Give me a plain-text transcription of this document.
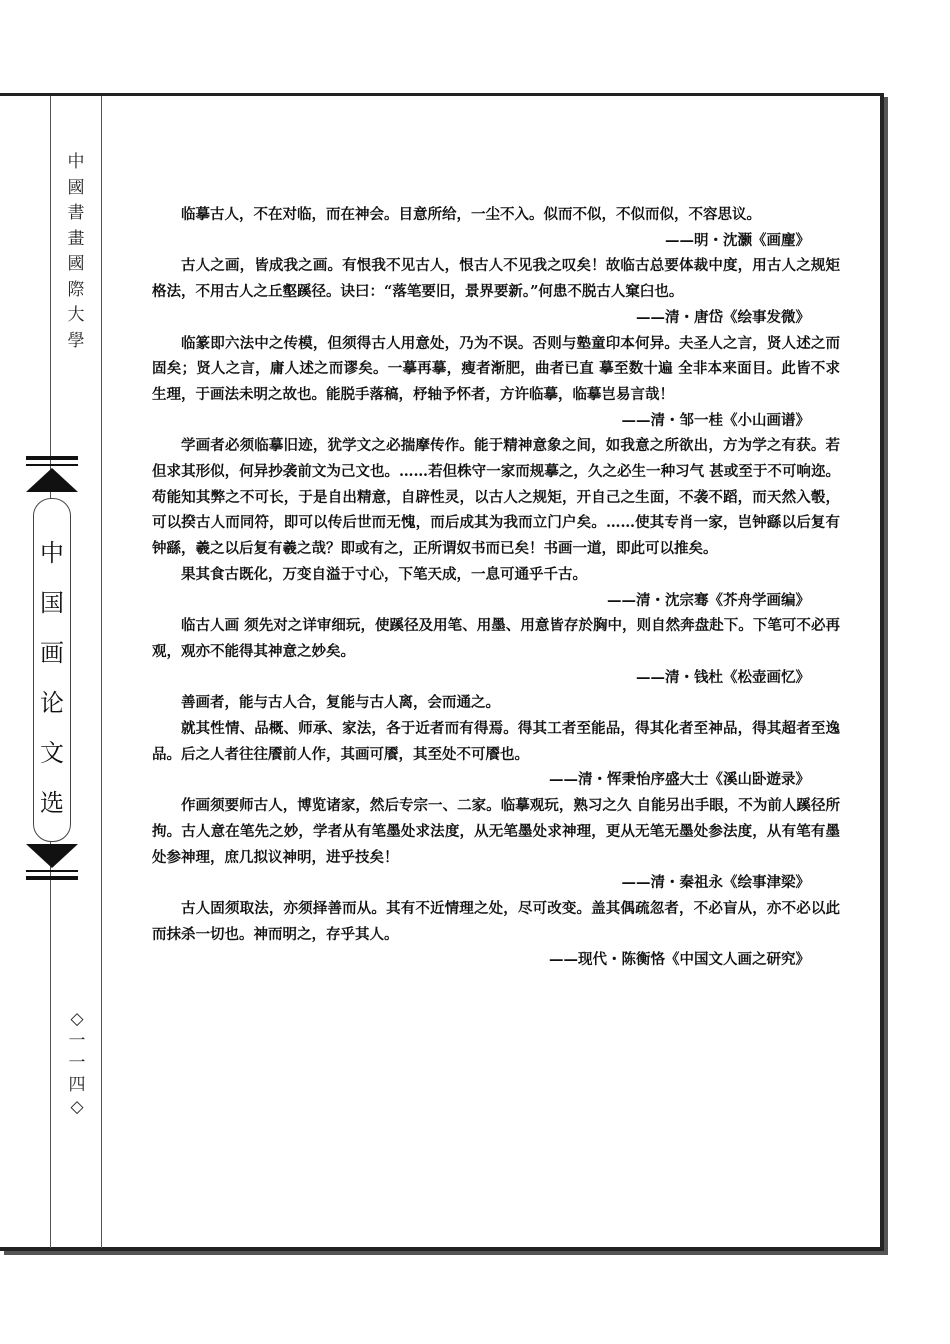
中
國
書
畫
國
際
大
學
中
国
画
论
文
选
◇
一
一
四
◇

临摹古人，不在对临，而在神会。目意所给，一尘不入。似而不似，不似而似，不容思议。

——明・沈灏《画麈》

古人之画，皆成我之画。有恨我不见古人，恨古人不见我之叹矣！故临古总要体裁中度，用古人之规矩格法，不用古人之丘壑蹊径。诀曰：“落笔要旧，景界要新。”何患不脱古人窠臼也。

——清・唐岱《绘事发微》

临篆即六法中之传模，但须得古人用意处，乃为不误。否则与塾童印本何异。夫圣人之言，贤人述之而固矣；贤人之言，庸人述之而谬矣。一摹再摹，瘦者渐肥，曲者已直 摹至数十遍 全非本来面目。此皆不求生理，于画法未明之故也。能脱手落稿，杼轴予怀者，方许临摹，临摹岂易言哉！

——清・邹一桂《小山画谱》

学画者必须临摹旧迹，犹学文之必揣摩传作。能于精神意象之间，如我意之所欲出，方为学之有获。若但求其形似，何异抄袭前文为己文也。……若但株守一家而规摹之，久之必生一种习气 甚或至于不可响迩。苟能知其弊之不可长，于是自出精意，自辟性灵，以古人之规矩，开自己之生面，不袭不蹈，而天然入彀，可以揆古人而同符，即可以传后世而无愧，而后成其为我而立门户矣。……使其专肖一家，岂钟繇以后复有钟繇，羲之以后复有羲之哉？即或有之，正所谓奴书而已矣！书画一道，即此可以推矣。

果其食古既化，万变自溢于寸心，下笔天成，一息可通乎千古。

——清・沈宗骞《芥舟学画编》

临古人画 须先对之详审细玩，使蹊径及用笔、用墨、用意皆存於胸中，则自然奔盘赴下。下笔可不必再观，观亦不能得其神意之妙矣。

——清・钱杜《松壶画忆》

善画者，能与古人合，复能与古人离，会而通之。

就其性情、品概、师承、家法，各于近者而有得焉。得其工者至能品，得其化者至神品，得其超者至逸品。后之人者往往餍前人作，其画可餍，其至处不可餍也。

——清・恽秉怡序盛大士《溪山卧遊录》

作画须要师古人，博览诸家，然后专宗一、二家。临摹观玩，熟习之久 自能另出手眼，不为前人蹊径所拘。古人意在笔先之妙，学者从有笔墨处求法度，从无笔墨处求神理，更从无笔无墨处参法度，从有笔有墨处参神理，庶几拟议神明，进乎技矣！

——清・秦祖永《绘事津梁》

古人固须取法，亦须择善而从。其有不近情理之处，尽可改变。盖其偶疏忽者，不必盲从，亦不必以此而抹杀一切也。神而明之，存乎其人。

——现代・陈衡恪《中国文人画之研究》
